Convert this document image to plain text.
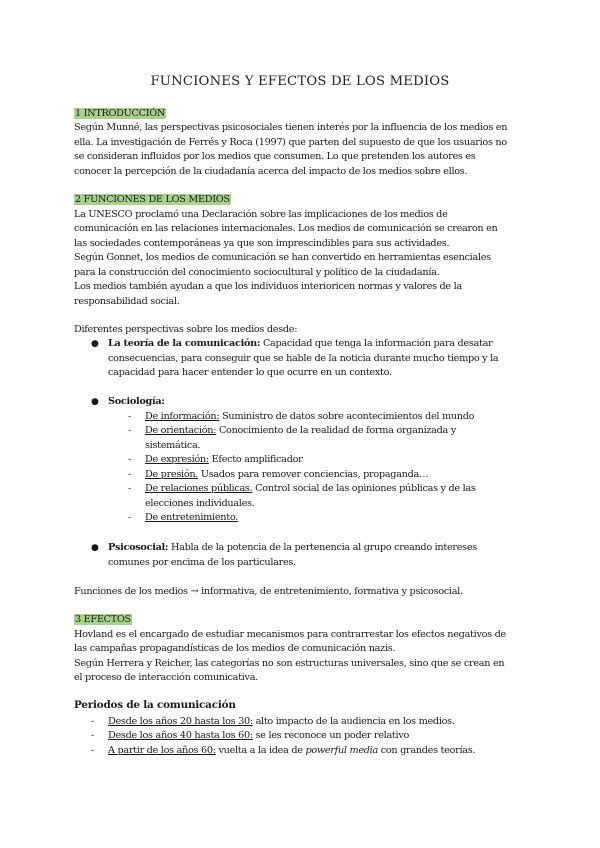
FUNCIONES Y EFECTOS DE LOS MEDIOS
1 INTRODUCCIÓN
Según Munné, las perspectivas psicosociales tienen interés por la influencia de los medios en
ella. La investigación de Ferrés y Roca (1997) que parten del supuesto de que los usuarios no
se consideran influidos por los medios que consumen. Lo que pretenden los autores es
conocer la percepción de la ciudadanía acerca del impacto de los medios sobre ellos.
2 FUNCIONES DE LOS MEDIOS
La UNESCO proclamó una Declaración sobre las implicaciones de los medios de
comunicación en las relaciones internacionales. Los medios de comunicación se crearon en
las sociedades contemporáneas ya que son imprescindibles para sus actividades.
Según Gonnet, los medios de comunicación se han convertido en herramientas esenciales
para la construcción del conocimiento sociocultural y político de la ciudadanía.
Los medios también ayudan a que los individuos interioricen normas y valores de la
responsabilidad social.
Diferentes perspectivas sobre los medios desde:
● La teoría de la comunicación: Capacidad que tenga la información para desatar
consecuencias, para conseguir que se hable de la noticia durante mucho tiempo y la
capacidad para hacer entender lo que ocurre en un contexto.
● Sociología:
- De información: Suministro de datos sobre acontecimientos del mundo
- De orientación: Conocimiento de la realidad de forma organizada y
sistemática.
- De expresión: Efecto amplificador
- De presión. Usados para remover conciencias, propaganda…
- De relaciones públicas. Control social de las opiniones públicas y de las
elecciones individuales.
- De entretenimiento.
● Psicosocial: Habla de la potencia de la pertenencia al grupo creando intereses
comunes por encima de los particulares.
Funciones de los medios → informativa, de entretenimiento, formativa y psicosocial.
3 EFECTOS
Hovland es el encargado de estudiar mecanismos para contrarrestar los efectos negativos de
las campañas propagandísticas de los medios de comunicación nazis.
Según Herrera y Reicher, las categorías no son estructuras universales, sino que se crean en
el proceso de interacción comunicativa.
Periodos de la comunicación
- Desde los años 20 hasta los 30: alto impacto de la audiencia en los medios.
- Desde los años 40 hasta los 60: se les reconoce un poder relativo
- A partir de los años 60: vuelta a la idea de powerful media con grandes teorías.
